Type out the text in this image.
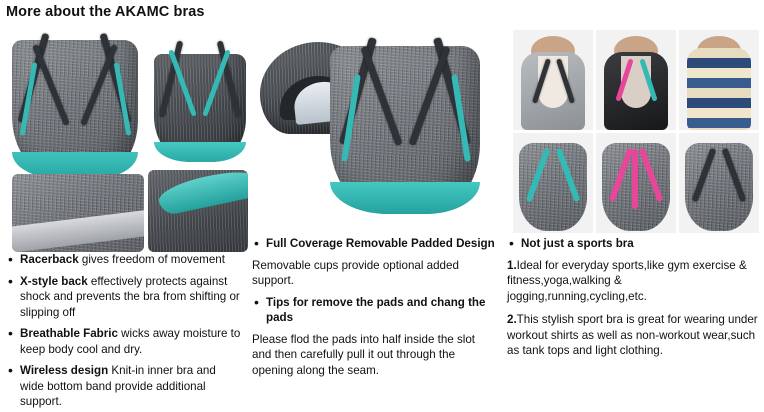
More about the AKAMC bras
• Racerback gives freedom of movement
• X-style back effectively protects against shock and prevents the bra from shifting or slipping off
• Breathable Fabric wicks away moisture to keep body cool and dry.
• Wireless design Knit-in inner bra and wide bottom band provide additional support.
• Full Coverage Removable Padded Design
Removable cups provide optional added support.
• Tips for remove the pads and chang the pads
Please flod the pads into half inside the slot and then carefully pull it out through the opening along the seam.
• Not just a sports bra
1.Ideal for everyday sports,like gym exercise & fitness,yoga,walking & jogging,running,cycling,etc.
2.This stylish sport bra is great for wearing under workout shirts as well as non-workout wear,such as tank tops and light clothing.
